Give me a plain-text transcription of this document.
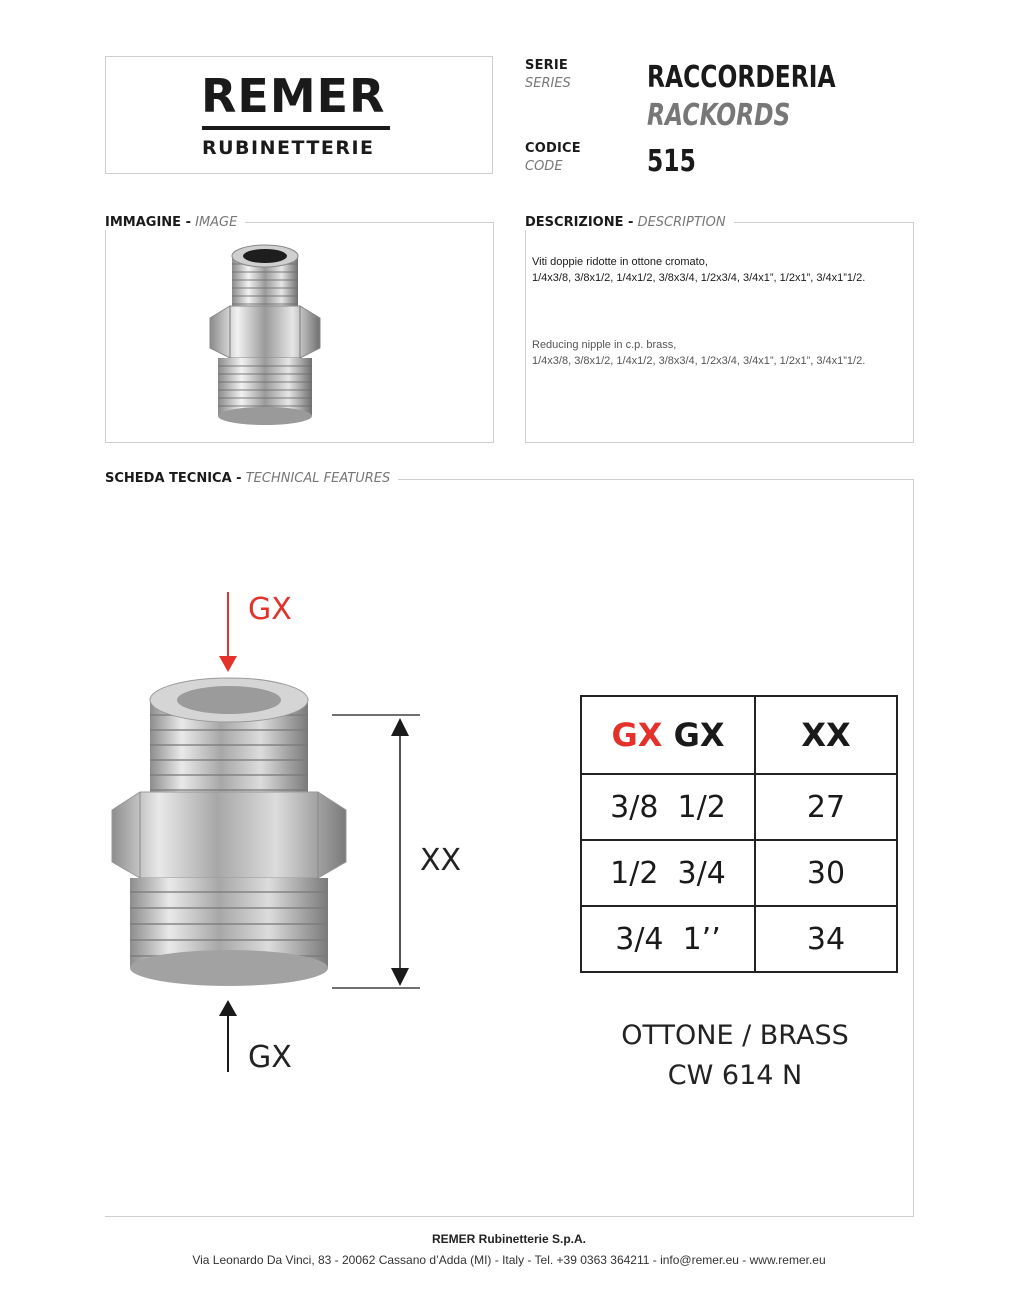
REMER
RUBINETTERIE
SERIE
SERIES	RACCORDERIA
RACKORDS
CODICE
CODE	515
IMMAGINE - IMAGE	DESCRIZIONE - DESCRIPTION
Viti doppie ridotte in ottone cromato,
1/4x3/8, 3/8x1/2, 1/4x1/2, 3/8x3/4, 1/2x3/4, 3/4x1”, 1/2x1”, 3/4x1”1/2.
Reducing nipple in c.p. brass,
1/4x3/8, 3/8x1/2, 1/4x1/2, 3/8x3/4, 1/2x3/4, 3/4x1”, 1/2x1”, 3/4x1”1/2.
SCHEDA TECNICA - TECHNICAL FEATURES
GX
GX
XX
GX GX	XX
3/8 1/2	27
1/2 3/4	30
3/4 1’’	34
OTTONE / BRASS
CW 614 N
REMER Rubinetterie S.p.A.
Via Leonardo Da Vinci, 83 - 20062 Cassano d’Adda (MI) - Italy - Tel. +39 0363 364211 - info@remer.eu - www.remer.eu
